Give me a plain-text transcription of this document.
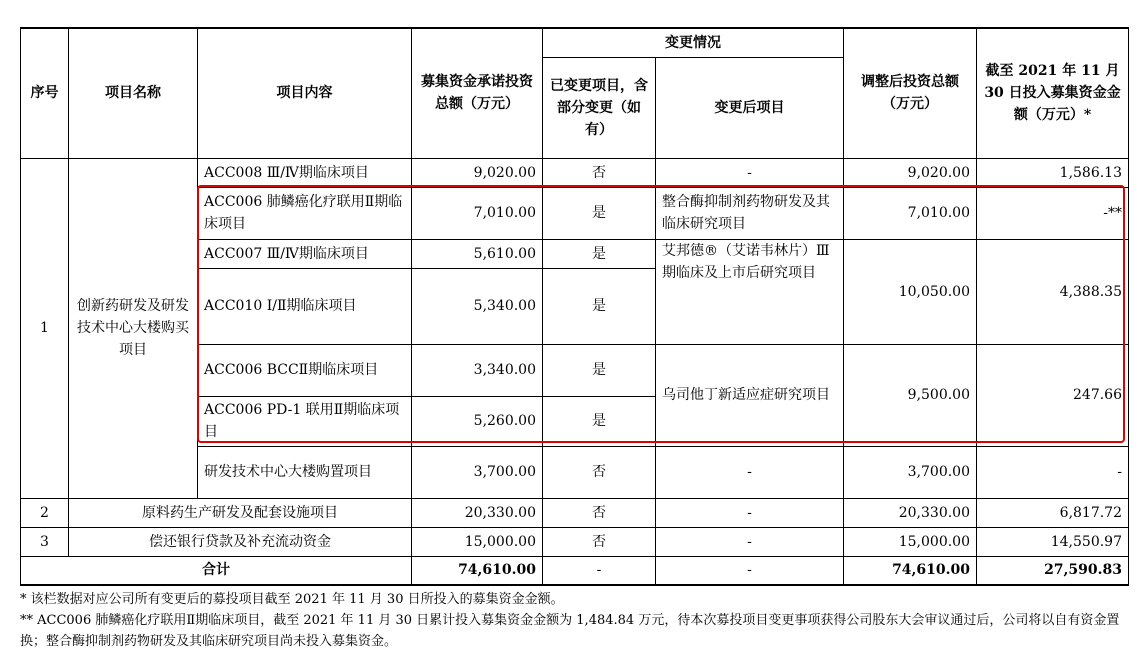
序号	项目名称	项目内容	募集资金承诺投资总额（万元）	变更情况		调整后投资总额（万元）	截至 2021 年 11 月 30 日投入募集资金金额（万元）*
				已变更项目，含部分变更（如有）	变更后项目		
1	创新药研发及研发技术中心大楼购买项目	ACC008 Ⅲ/Ⅳ期临床项目	9,020.00	否	-	9,020.00	1,586.13
		ACC006 肺鳞癌化疗联用Ⅱ期临床项目	7,010.00	是	整合酶抑制剂药物研发及其临床研究项目	7,010.00	-**
		ACC007 Ⅲ/Ⅳ期临床项目	5,610.00	是	艾邦德®（艾诺韦林片）Ⅲ期临床及上市后研究项目	10,050.00	4,388.35
		ACC010 Ⅰ/Ⅱ期临床项目	5,340.00	是			
		ACC006 BCCⅡ期临床项目	3,340.00	是	乌司他丁新适应症研究项目	9,500.00	247.66
		ACC006 PD-1 联用Ⅱ期临床项目	5,260.00	是			
		研发技术中心大楼购置项目	3,700.00	否	-	3,700.00	-

2	原料药生产研发及配套设施项目		20,330.00	否	-	20,330.00	6,817.72
3	偿还银行贷款及补充流动资金		15,000.00	否	-	15,000.00	14,550.97
合计			74,610.00	-	-	74,610.00	27,590.83

* 该栏数据对应公司所有变更后的募投项目截至 2021 年 11 月 30 日所投入的募集资金金额。

** ACC006 肺鳞癌化疗联用Ⅱ期临床项目，截至 2021 年 11 月 30 日累计投入募集资金金额为 1,484.84 万元，待本次募投项目变更事项获得公司股东大会审议通过后，公司将以自有资金置换；整合酶抑制剂药物研发及其临床研究项目尚未投入募集资金。
